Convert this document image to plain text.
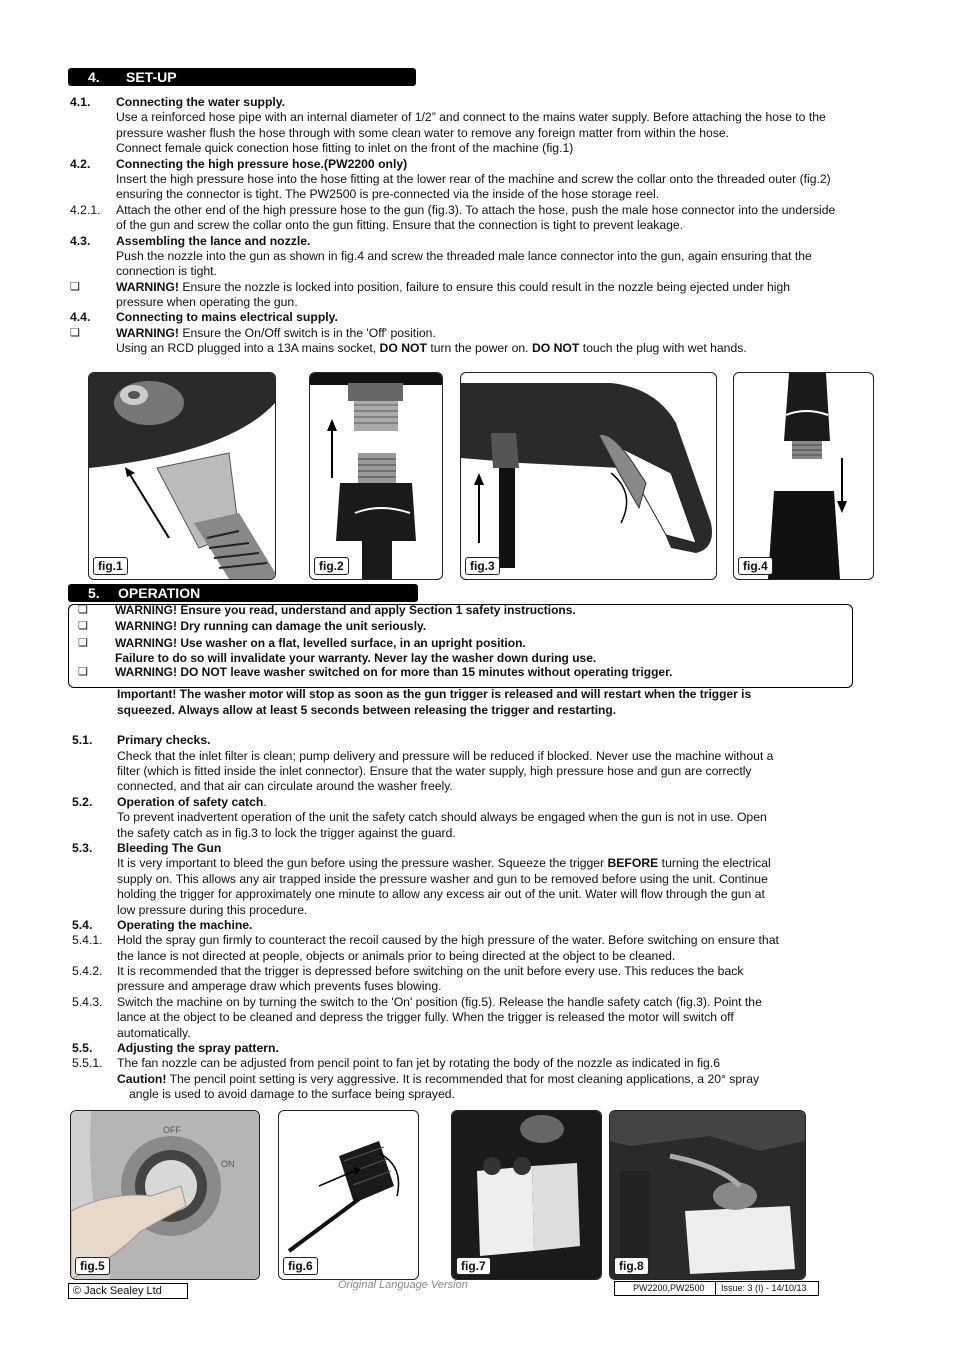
4. SET-UP
4.1. Connecting the water supply.
Use a reinforced hose pipe with an internal diameter of 1/2” and connect to the mains water supply. Before attaching the hose to the
pressure washer flush the hose through with some clean water to remove any foreign matter from within the hose.
Connect female quick conection hose fitting to inlet on the front of the machine (fig.1)
4.2. Connecting the high pressure hose.(PW2200 only)
Insert the high pressure hose into the hose fitting at the lower rear of the machine and screw the collar onto the threaded outer (fig.2)
ensuring the connector is tight. The PW2500 is pre-connected via the inside of the hose storage reel.
4.2.1. Attach the other end of the high pressure hose to the gun (fig.3). To attach the hose, push the male hose connector into the underside
of the gun and screw the collar onto the gun fitting. Ensure that the connection is tight to prevent leakage.
4.3. Assembling the lance and nozzle.
Push the nozzle into the gun as shown in fig.4 and screw the threaded male lance connector into the gun, again ensuring that the
connection is tight.
❏	WARNING! Ensure the nozzle is locked into position, failure to ensure this could result in the nozzle being ejected under high
pressure when operating the gun.
4.4. Connecting to mains electrical supply.
❏	WARNING! Ensure the On/Off switch is in the 'Off' position.
Using an RCD plugged into a 13A mains socket, DO NOT turn the power on. DO NOT touch the plug with wet hands.
fig.1	fig.2	fig.3	fig.4
5. OPERATION
❏ WARNING! Ensure you read, understand and apply Section 1 safety instructions.
❏ WARNING! Dry running can damage the unit seriously.
❏ WARNING! Use washer on a flat, levelled surface, in an upright position.
Failure to do so will invalidate your warranty. Never lay the washer down during use.
❏ WARNING! DO NOT leave washer switched on for more than 15 minutes without operating trigger.
Important! The washer motor will stop as soon as the gun trigger is released and will restart when the trigger is
squeezed. Always allow at least 5 seconds between releasing the trigger and restarting.
5.1. Primary checks.
Check that the inlet filter is clean; pump delivery and pressure will be reduced if blocked. Never use the machine without a
filter (which is fitted inside the inlet connector). Ensure that the water supply, high pressure hose and gun are correctly
connected, and that air can circulate around the washer freely.
5.2. Operation of safety catch.
To prevent inadvertent operation of the unit the safety catch should always be engaged when the gun is not in use. Open
the safety catch as in fig.3 to lock the trigger against the guard.
5.3. Bleeding The Gun
It is very important to bleed the gun before using the pressure washer. Squeeze the trigger BEFORE turning the electrical
supply on. This allows any air trapped inside the pressure washer and gun to be removed before using the unit. Continue
holding the trigger for approximately one minute to allow any excess air out of the unit. Water will flow through the gun at
low pressure during this procedure.
5.4. Operating the machine.
5.4.1. Hold the spray gun firmly to counteract the recoil caused by the high pressure of the water. Before switching on ensure that
the lance is not directed at people, objects or animals prior to being directed at the object to be cleaned.
5.4.2. It is recommended that the trigger is depressed before switching on the unit before every use. This reduces the back
pressure and amperage draw which prevents fuses blowing.
5.4.3. Switch the machine on by turning the switch to the 'On' position (fig.5). Release the handle safety catch (fig.3). Point the
lance at the object to be cleaned and depress the trigger fully. When the trigger is released the motor will switch off
automatically.
5.5. Adjusting the spray pattern.
5.5.1. The fan nozzle can be adjusted from pencil point to fan jet by rotating the body of the nozzle as indicated in fig.6
Caution! The pencil point setting is very aggressive. It is recommended that for most cleaning applications, a 20° spray
angle is used to avoid damage to the surface being sprayed.
OFF
ON
fig.5	fig.6	fig.7	fig.8
© Jack Sealey Ltd	Original Language Version	PW2200,PW2500 Issue: 3 (I) - 14/10/13
